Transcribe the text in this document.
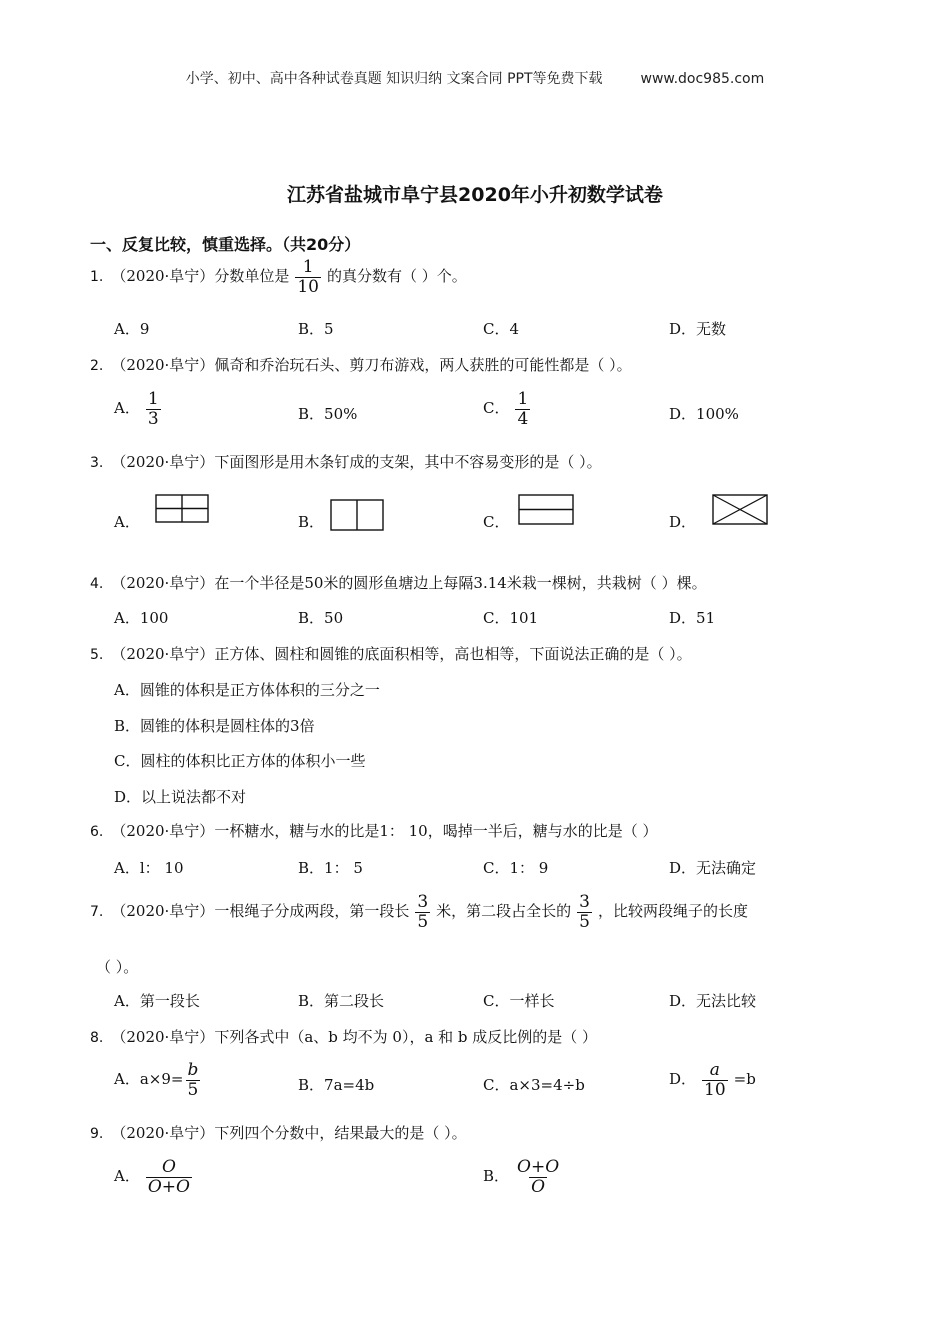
小学、初中、高中各种试卷真题 知识归纳 文案合同 PPT等免费下载	www.doc985.com
江苏省盐城市阜宁县2020年小升初数学试卷
一、反复比较，慎重选择。（共20分）
1. （2020·阜宁）分数单位是 $\frac{1}{10}$ 的真分数有（ ）个。
A．9	B．5	C．4	D．无数
2. （2020·阜宁）佩奇和乔治玩石头、剪刀布游戏，两人获胜的可能性都是（ ）。
A． $\frac{1}{3}$	B．50%	C． $\frac{1}{4}$	D．100%
3. （2020·阜宁）下面图形是用木条钉成的支架，其中不容易变形的是（ ）。
A．	B．	C．	D．
4. （2020·阜宁）在一个半径是50米的圆形鱼塘边上每隔3.14米栽一棵树，共栽树（ ）棵。
A．100	B．50	C．101	D．51
5. （2020·阜宁）正方体、圆柱和圆锥的底面积相等，高也相等，下面说法正确的是（ ）。
A．圆锥的体积是正方体体积的三分之一
B．圆锥的体积是圆柱体的3倍
C．圆柱的体积比正方体的体积小一些
D．以上说法都不对
6. （2020·阜宁）一杯糖水，糖与水的比是1： 10，喝掉一半后，糖与水的比是（ ）
A．l： 10	B．1： 5	C．1： 9	D．无法确定
7. （2020·阜宁）一根绳子分成两段，第一段长 $\frac{3}{5}$ 米，第二段占全长的 $\frac{3}{5}$ ，比较两段绳子的长度
（ ）。
A．第一段长	B．第二段长	C．一样长	D．无法比较
8. （2020·阜宁）下列各式中（a、b 均不为 0），a 和 b 成反比例的是（ ）
A．$a\times 9= \frac{b}{5}$	B．7a=4b	C．a×3=4÷b	D． $\frac{a}{10} =b$
9. （2020·阜宁）下列四个分数中，结果最大的是（ ）。
A． $\frac{O}{O+O}$	B． $\frac{O+O}{O}$
